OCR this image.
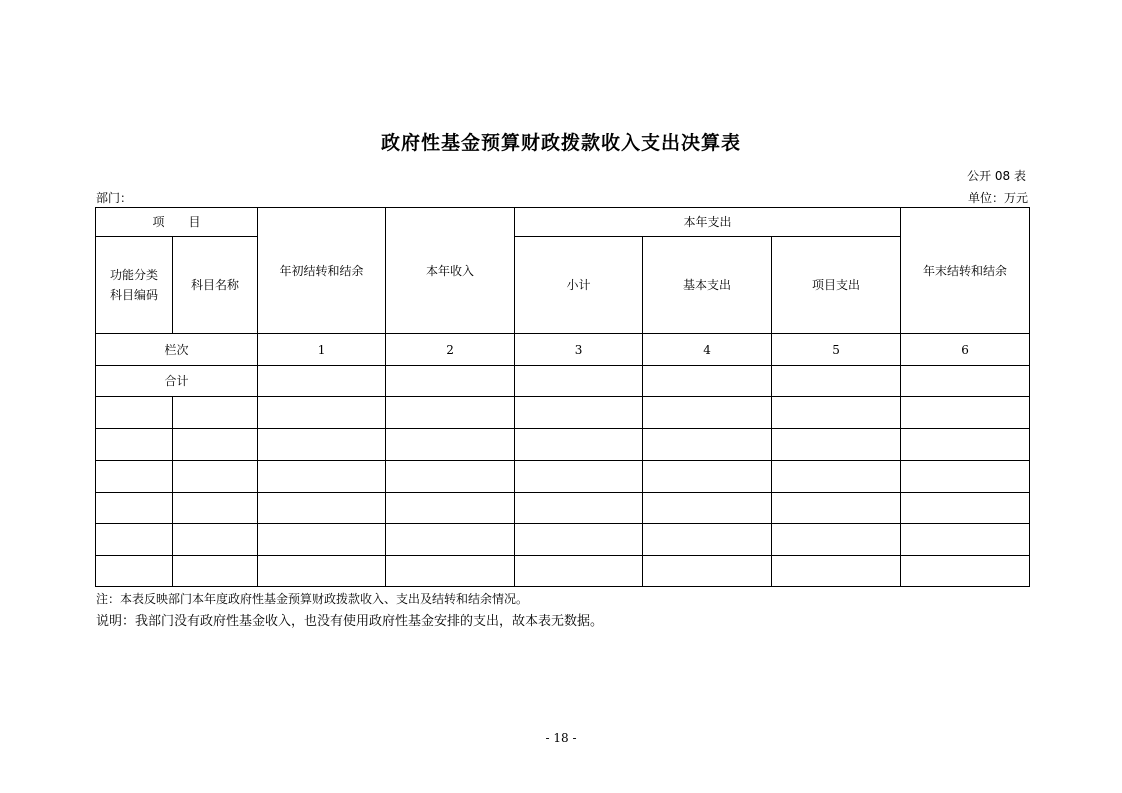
政府性基金预算财政拨款收入支出决算表
公开 08 表
部门：	单位：万元
项　　目		年初结转和结余	本年收入	本年支出			年末结转和结余

功能分类科目编码	科目名称			小计	基本支出	项目支出	
栏次		1	2	3	4	5	6
合计							

注：本表反映部门本年度政府性基金预算财政拨款收入、支出及结转和结余情况。
说明：我部门没有政府性基金收入，也没有使用政府性基金安排的支出，故本表无数据。
- 18 -
